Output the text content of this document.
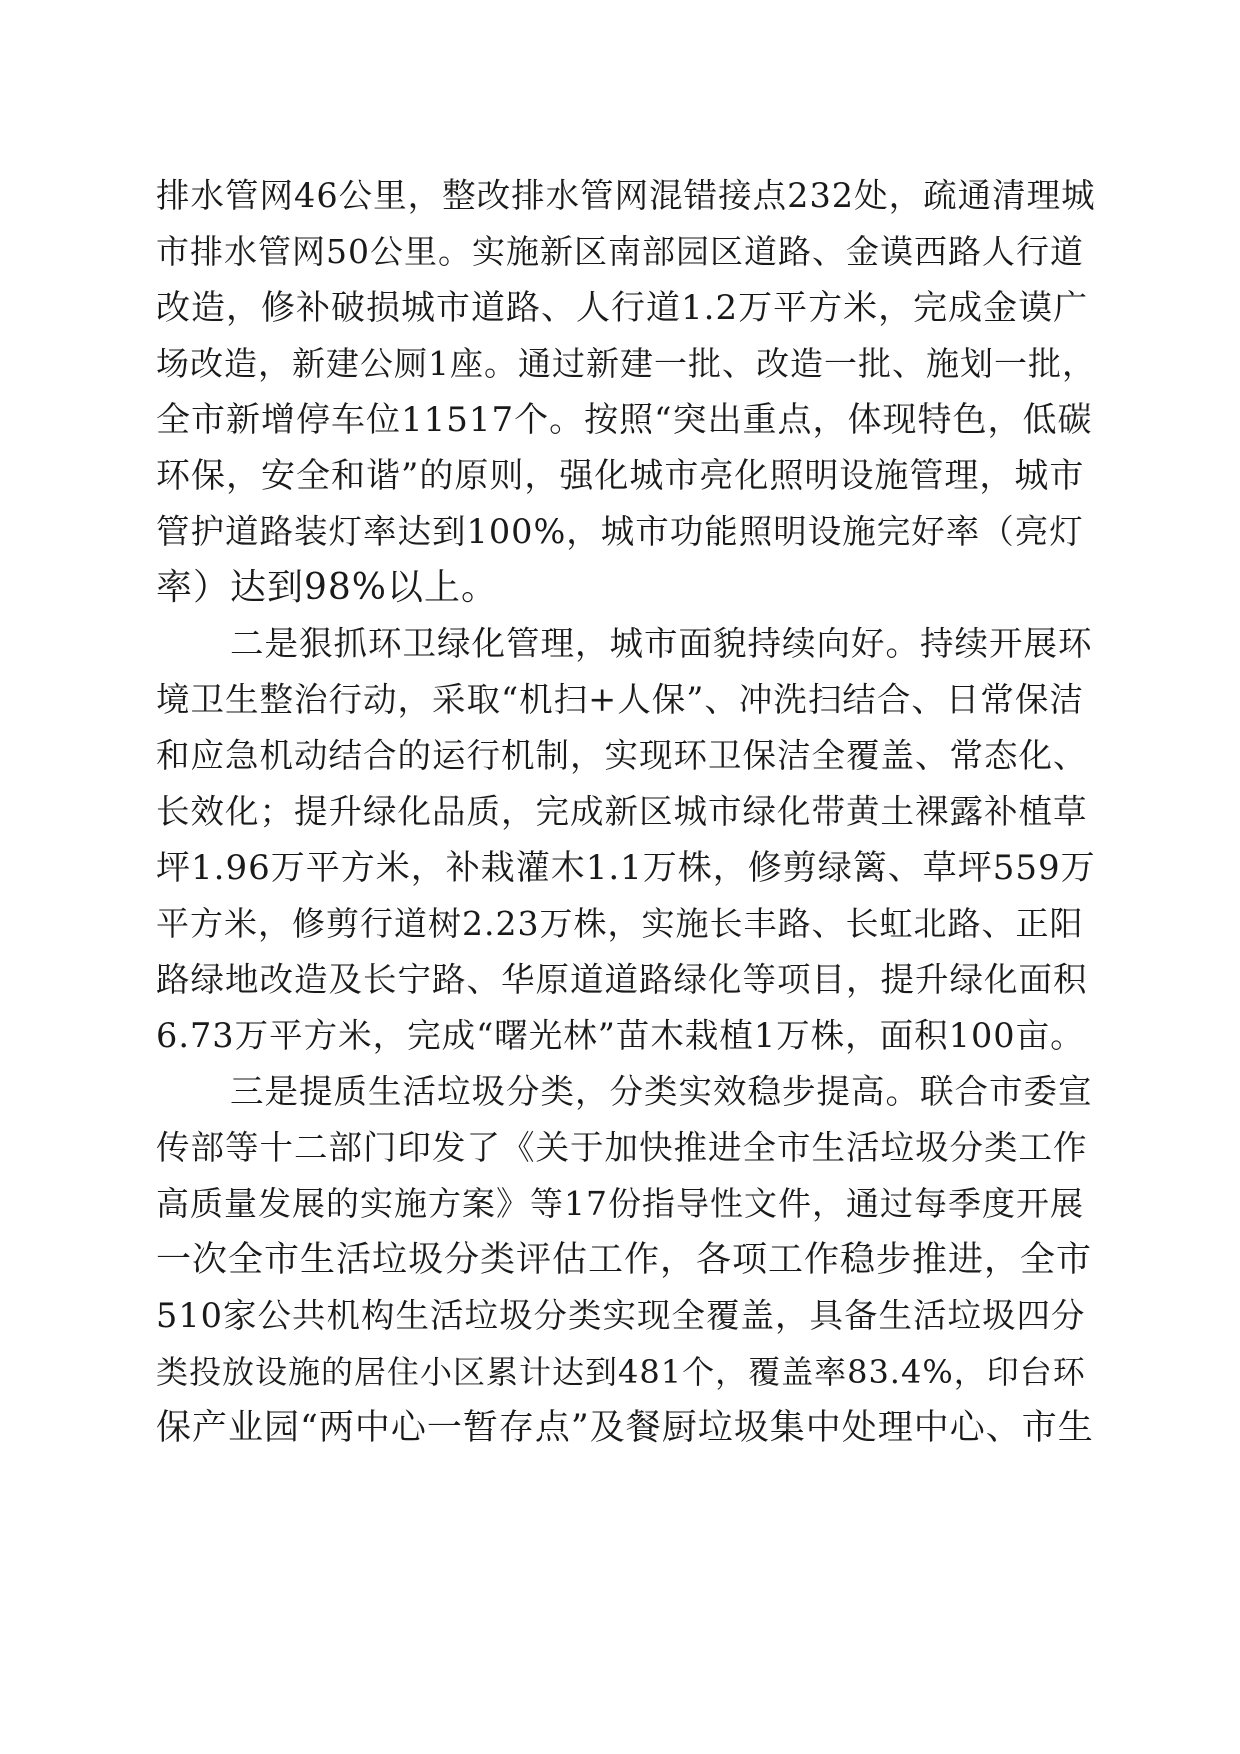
排水管网46公里，整改排水管网混错接点232处，疏通清理城
市排水管网50公里。实施新区南部园区道路、金谟西路人行道
改造，修补破损城市道路、人行道1.2万平方米，完成金谟广
场改造，新建公厕1座。通过新建一批、改造一批、施划一批，
全市新增停车位11517个。按照“突出重点，体现特色，低碳
环保，安全和谐”的原则，强化城市亮化照明设施管理，城市
管护道路装灯率达到100%，城市功能照明设施完好率（亮灯
率）达到98%以上。
二是狠抓环卫绿化管理，城市面貌持续向好。持续开展环
境卫生整治行动，采取“机扫+人保”、冲洗扫结合、日常保洁
和应急机动结合的运行机制，实现环卫保洁全覆盖、常态化、
长效化；提升绿化品质，完成新区城市绿化带黄土裸露补植草
坪1.96万平方米，补栽灌木1.1万株，修剪绿篱、草坪559万
平方米，修剪行道树2.23万株，实施长丰路、长虹北路、正阳
路绿地改造及长宁路、华原道道路绿化等项目，提升绿化面积
6.73万平方米，完成“曙光林”苗木栽植1万株，面积100亩。
三是提质生活垃圾分类，分类实效稳步提高。联合市委宣
传部等十二部门印发了《关于加快推进全市生活垃圾分类工作
高质量发展的实施方案》等17份指导性文件，通过每季度开展
一次全市生活垃圾分类评估工作，各项工作稳步推进，全市
510家公共机构生活垃圾分类实现全覆盖，具备生活垃圾四分
类投放设施的居住小区累计达到481个，覆盖率83.4%，印台环
保产业园“两中心一暂存点”及餐厨垃圾集中处理中心、市生
